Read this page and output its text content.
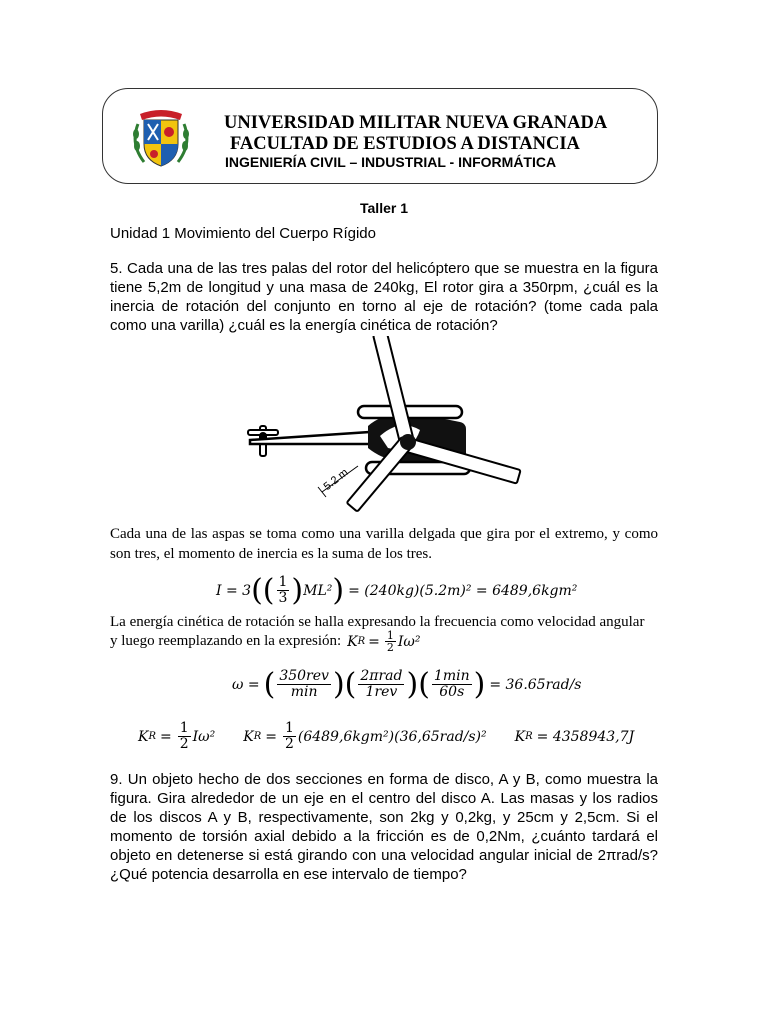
UNIVERSIDAD MILITAR NUEVA GRANADA

FACULTAD DE ESTUDIOS A DISTANCIA

INGENIERÍA CIVIL – INDUSTRIAL - INFORMÁTICA

Taller 1

Unidad 1 Movimiento del Cuerpo Rígido

5. Cada una de las tres palas del rotor del helicóptero que se muestra en la figura

tiene 5,2m de longitud y una masa de 240kg, El rotor gira a 350rpm, ¿cuál es la

inercia de rotación del conjunto en torno al eje de rotación? (tome cada pala

como una varilla) ¿cuál es la energía cinética de rotación?

5.2 m

Cada una de las aspas se toma como una varilla delgada que gira por el extremo, y como son tres, el momento de inercia es la suma de los tres.

I = 3 (( $\frac{1}{3}$ ) ML² ) = (240kg)(5.2m)² = 6489,6kgm²

La energía cinética de rotación se halla expresando la frecuencia como velocidad angular

y luego reemplazando en la expresión: K $R = \frac{1}{2} I\omega^2$
ω = ( $\frac{\text{350rev}}{\min}$ ) ( $\frac{\text{2πrad}}{\text{1rev}}$ ) ( $\frac{1\min}{60s}$ ) = 36.65rad/s
K $R = \frac{1}{2} I\omega^2$ K $R = \frac{1}{2} (6489,6kgm^2)(36,65rad/s)^2$ K R = 4358943,7J

9. Un objeto hecho de dos secciones en forma de disco, A y B, como muestra la

figura. Gira alrededor de un eje en el centro del disco A. Las masas y los radios

de los discos A y B, respectivamente, son 2kg y 0,2kg, y 25cm y 2,5cm. Si el

momento de torsión axial debido a la fricción es de 0,2Nm, ¿cuánto tardará el

objeto en detenerse si está girando con una velocidad angular inicial de 2πrad/s?

¿Qué potencia desarrolla en ese intervalo de tiempo?
